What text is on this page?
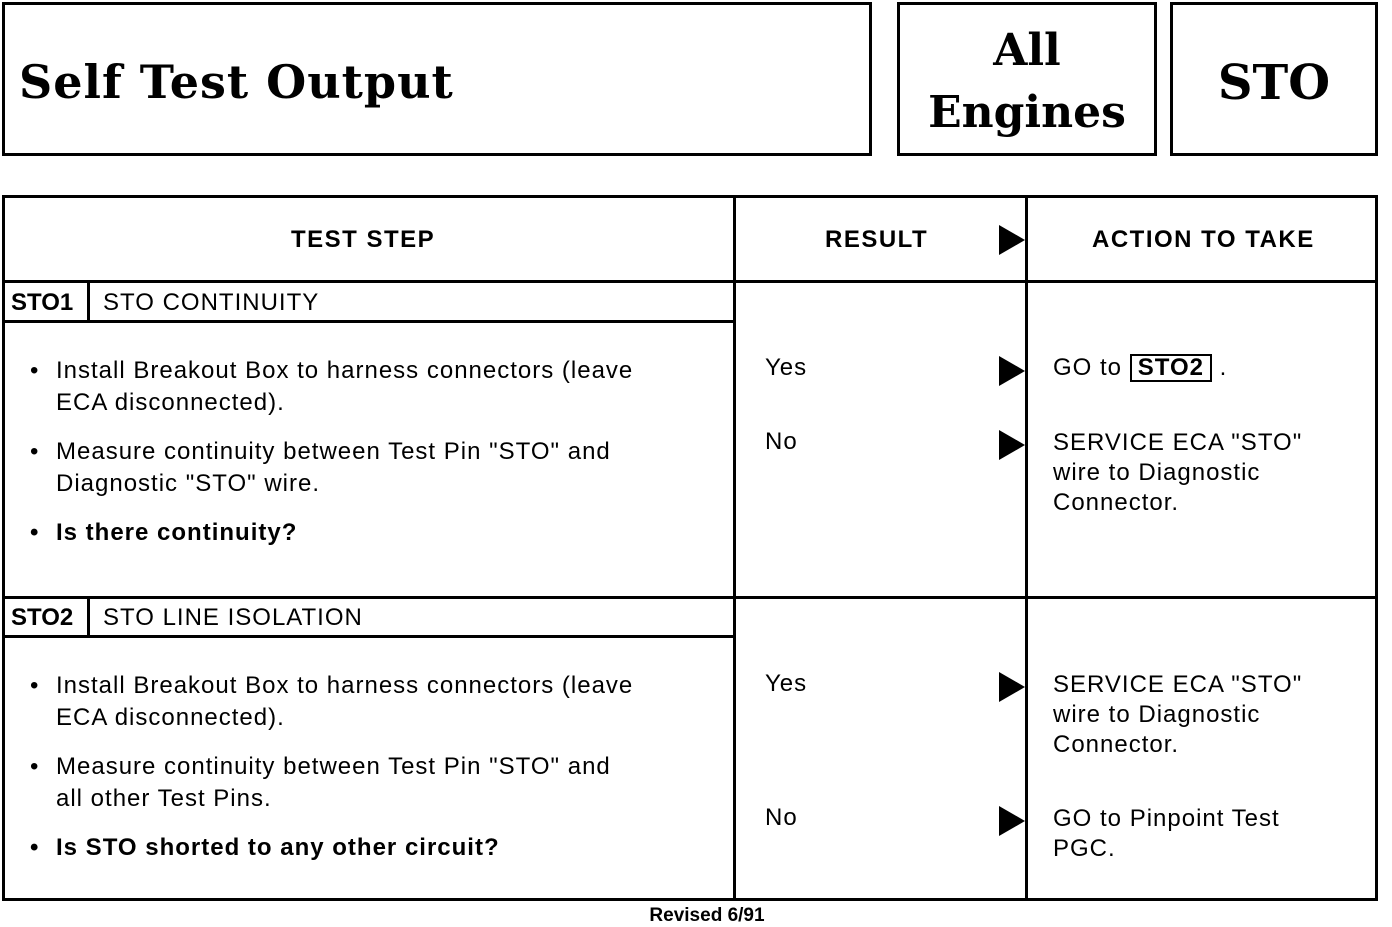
Self Test Output
All
Engines
STO
TEST STEP	RESULT	ACTION TO TAKE
STO1 STO CONTINUITY
• Install Breakout Box to harness connectors (leave
ECA disconnected).
• Measure continuity between Test Pin "STO" and
Diagnostic "STO" wire.
• Is there continuity?
Yes	GO to STO2 .
No	SERVICE ECA "STO"
wire to Diagnostic
Connector.
STO2 STO LINE ISOLATION
• Install Breakout Box to harness connectors (leave
ECA disconnected).
• Measure continuity between Test Pin "STO" and
all other Test Pins.
• Is STO shorted to any other circuit?
Yes	SERVICE ECA "STO"
wire to Diagnostic
Connector.
No	GO to Pinpoint Test
PGC.
Revised 6/91
